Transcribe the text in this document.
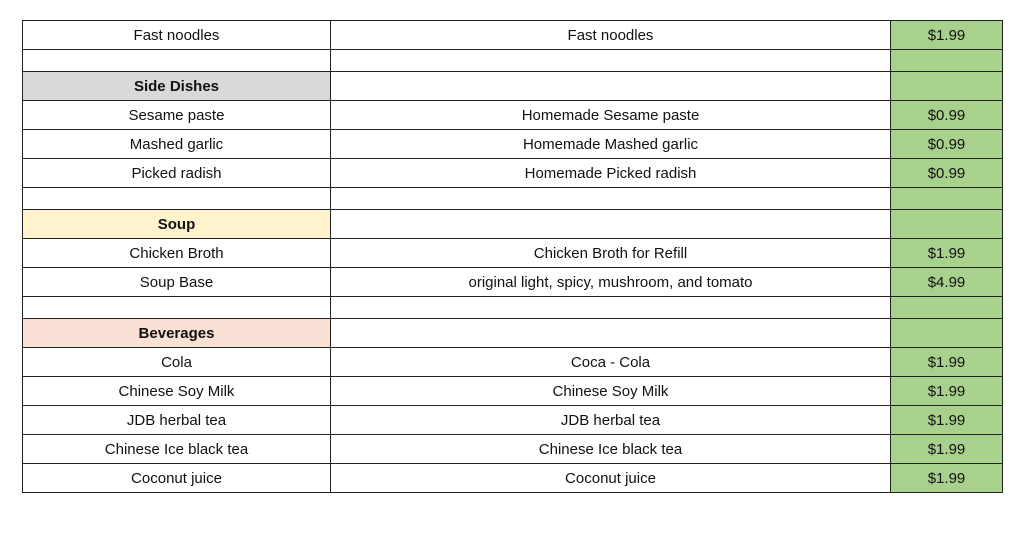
Fast noodles	Fast noodles	$1.99

Side Dishes		
Sesame paste	Homemade Sesame paste	$0.99
Mashed garlic	Homemade Mashed garlic	$0.99
Picked radish	Homemade Picked radish	$0.99

Soup		
Chicken Broth	Chicken Broth for Refill	$1.99
Soup Base	original light, spicy, mushroom, and tomato	$4.99

Beverages		
Cola	Coca - Cola	$1.99
Chinese Soy Milk	Chinese Soy Milk	$1.99
JDB herbal tea	JDB herbal tea	$1.99
Chinese Ice black tea	Chinese Ice black tea	$1.99
Coconut juice	Coconut juice	$1.99
